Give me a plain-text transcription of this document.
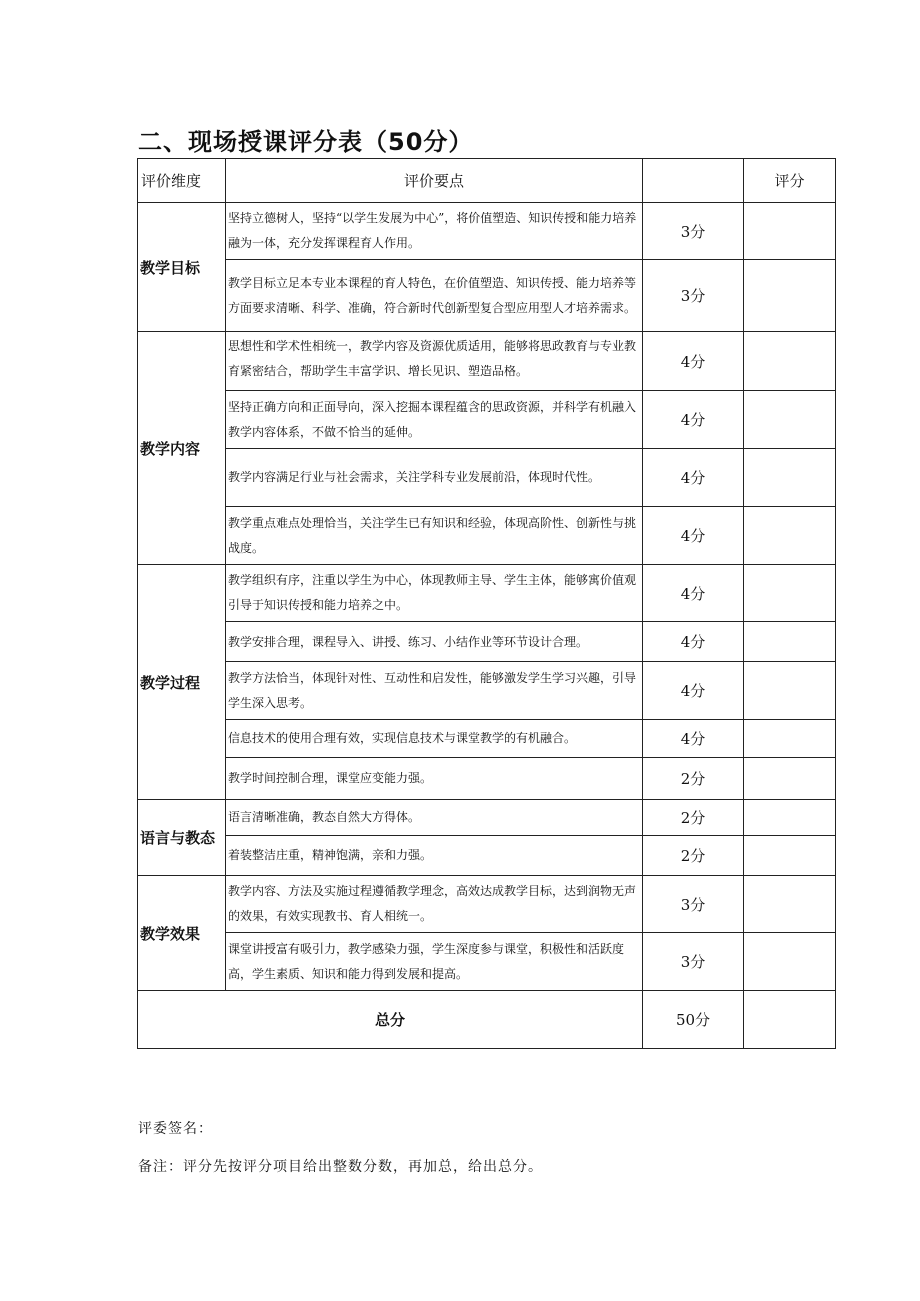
二、现场授课评分表（50分）
评价维度	评价要点		评分
教学目标	坚持立德树人，坚持“以学生发展为中心”，将价值塑造、知识传授和能力培养融为一体，充分发挥课程育人作用。	3分	
	教学目标立足本专业本课程的育人特色，在价值塑造、知识传授、能力培养等方面要求清晰、科学、准确，符合新时代创新型复合型应用型人才培养需求。	3分	
教学内容	思想性和学术性相统一，教学内容及资源优质适用，能够将思政教育与专业教育紧密结合，帮助学生丰富学识、增长见识、塑造品格。	4分	
	坚持正确方向和正面导向，深入挖掘本课程蕴含的思政资源，并科学有机融入教学内容体系，不做不恰当的延伸。	4分	
	教学内容满足行业与社会需求，关注学科专业发展前沿，体现时代性。	4分	
	教学重点难点处理恰当，关注学生已有知识和经验，体现高阶性、创新性与挑战度。	4分	
教学过程	教学组织有序，注重以学生为中心，体现教师主导、学生主体，能够寓价值观引导于知识传授和能力培养之中。	4分	
	教学安排合理，课程导入、讲授、练习、小结作业等环节设计合理。	4分	
	教学方法恰当，体现针对性、互动性和启发性，能够激发学生学习兴趣，引导学生深入思考。	4分	
	信息技术的使用合理有效，实现信息技术与课堂教学的有机融合。	4分	
	教学时间控制合理，课堂应变能力强。	2分	
语言与教态	语言清晰准确，教态自然大方得体。	2分	
	着装整洁庄重，精神饱满，亲和力强。	2分	
教学效果	教学内容、方法及实施过程遵循教学理念，高效达成教学目标，达到润物无声的效果，有效实现教书、育人相统一。	3分	
	课堂讲授富有吸引力，教学感染力强，学生深度参与课堂，积极性和活跃度高，学生素质、知识和能力得到发展和提高。	3分	
总分		50分	
评委签名：
备注：评分先按评分项目给出整数分数，再加总，给出总分。
